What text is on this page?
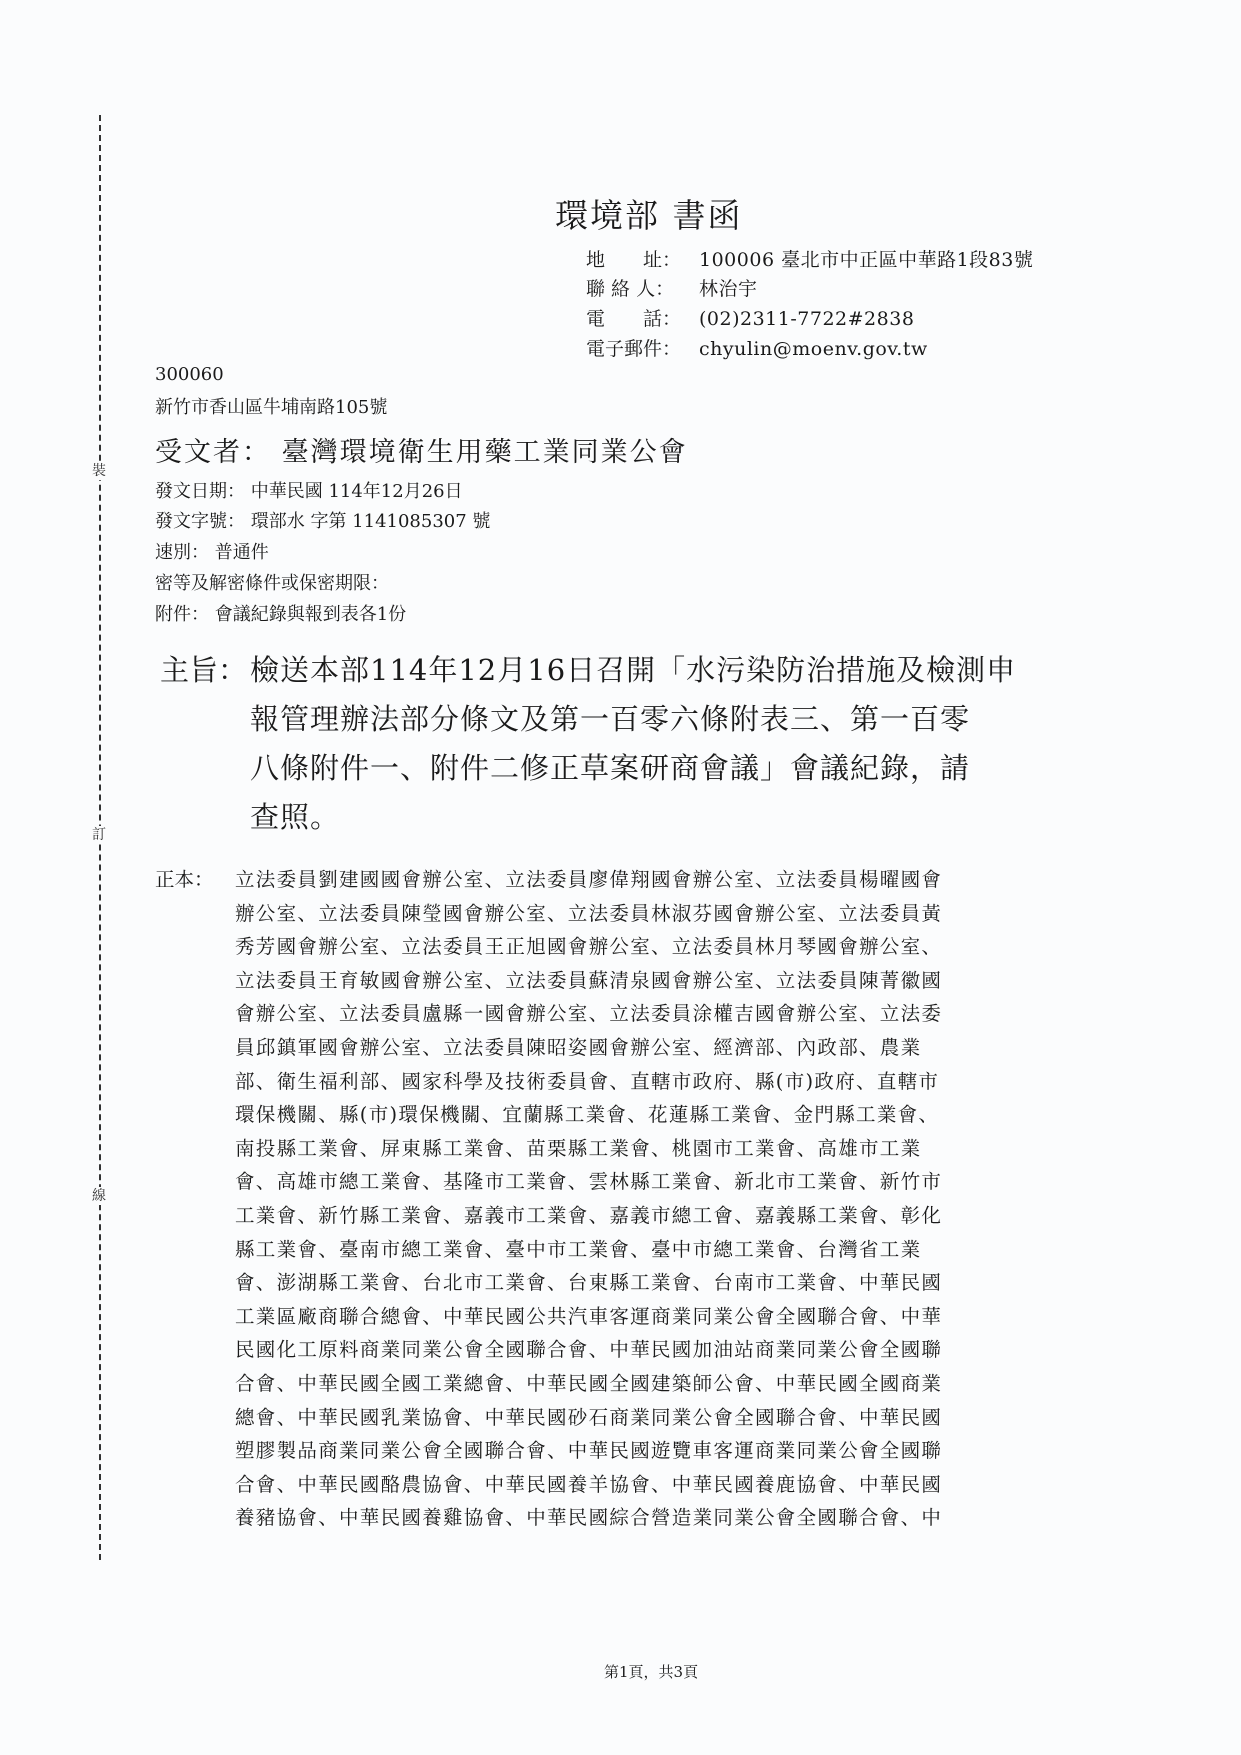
裝
訂
線
環境部 書函
地　　址： 100006 臺北市中正區中華路1段83號
聯 絡 人： 林治宇
電　　話： (02)2311-7722#2838
電子郵件： chyulin@moenv.gov.tw
300060
新竹市香山區牛埔南路105號
受文者： 臺灣環境衛生用藥工業同業公會
發文日期： 中華民國 114年12月26日
發文字號： 環部水 字第 1141085307 號
速別： 普通件
密等及解密條件或保密期限：
附件： 會議紀錄與報到表各1份
主旨： 檢送本部114年12月16日召開「水污染防治措施及檢測申
報管理辦法部分條文及第一百零六條附表三、第一百零
八條附件一、附件二修正草案研商會議」會議紀錄，請
查照。
正本： 立法委員劉建國國會辦公室、立法委員廖偉翔國會辦公室、立法委員楊曜國會
辦公室、立法委員陳瑩國會辦公室、立法委員林淑芬國會辦公室、立法委員黃
秀芳國會辦公室、立法委員王正旭國會辦公室、立法委員林月琴國會辦公室、
立法委員王育敏國會辦公室、立法委員蘇清泉國會辦公室、立法委員陳菁徽國
會辦公室、立法委員盧縣一國會辦公室、立法委員涂權吉國會辦公室、立法委
員邱鎮軍國會辦公室、立法委員陳昭姿國會辦公室、經濟部、內政部、農業
部、衛生福利部、國家科學及技術委員會、直轄市政府、縣(市)政府、直轄市
環保機關、縣(市)環保機關、宜蘭縣工業會、花蓮縣工業會、金門縣工業會、
南投縣工業會、屏東縣工業會、苗栗縣工業會、桃園市工業會、高雄市工業
會、高雄市總工業會、基隆市工業會、雲林縣工業會、新北市工業會、新竹市
工業會、新竹縣工業會、嘉義市工業會、嘉義市總工會、嘉義縣工業會、彰化
縣工業會、臺南市總工業會、臺中市工業會、臺中市總工業會、台灣省工業
會、澎湖縣工業會、台北市工業會、台東縣工業會、台南市工業會、中華民國
工業區廠商聯合總會、中華民國公共汽車客運商業同業公會全國聯合會、中華
民國化工原料商業同業公會全國聯合會、中華民國加油站商業同業公會全國聯
合會、中華民國全國工業總會、中華民國全國建築師公會、中華民國全國商業
總會、中華民國乳業協會、中華民國砂石商業同業公會全國聯合會、中華民國
塑膠製品商業同業公會全國聯合會、中華民國遊覽車客運商業同業公會全國聯
合會、中華民國酪農協會、中華民國養羊協會、中華民國養鹿協會、中華民國
養豬協會、中華民國養雞協會、中華民國綜合營造業同業公會全國聯合會、中
第1頁，共3頁
